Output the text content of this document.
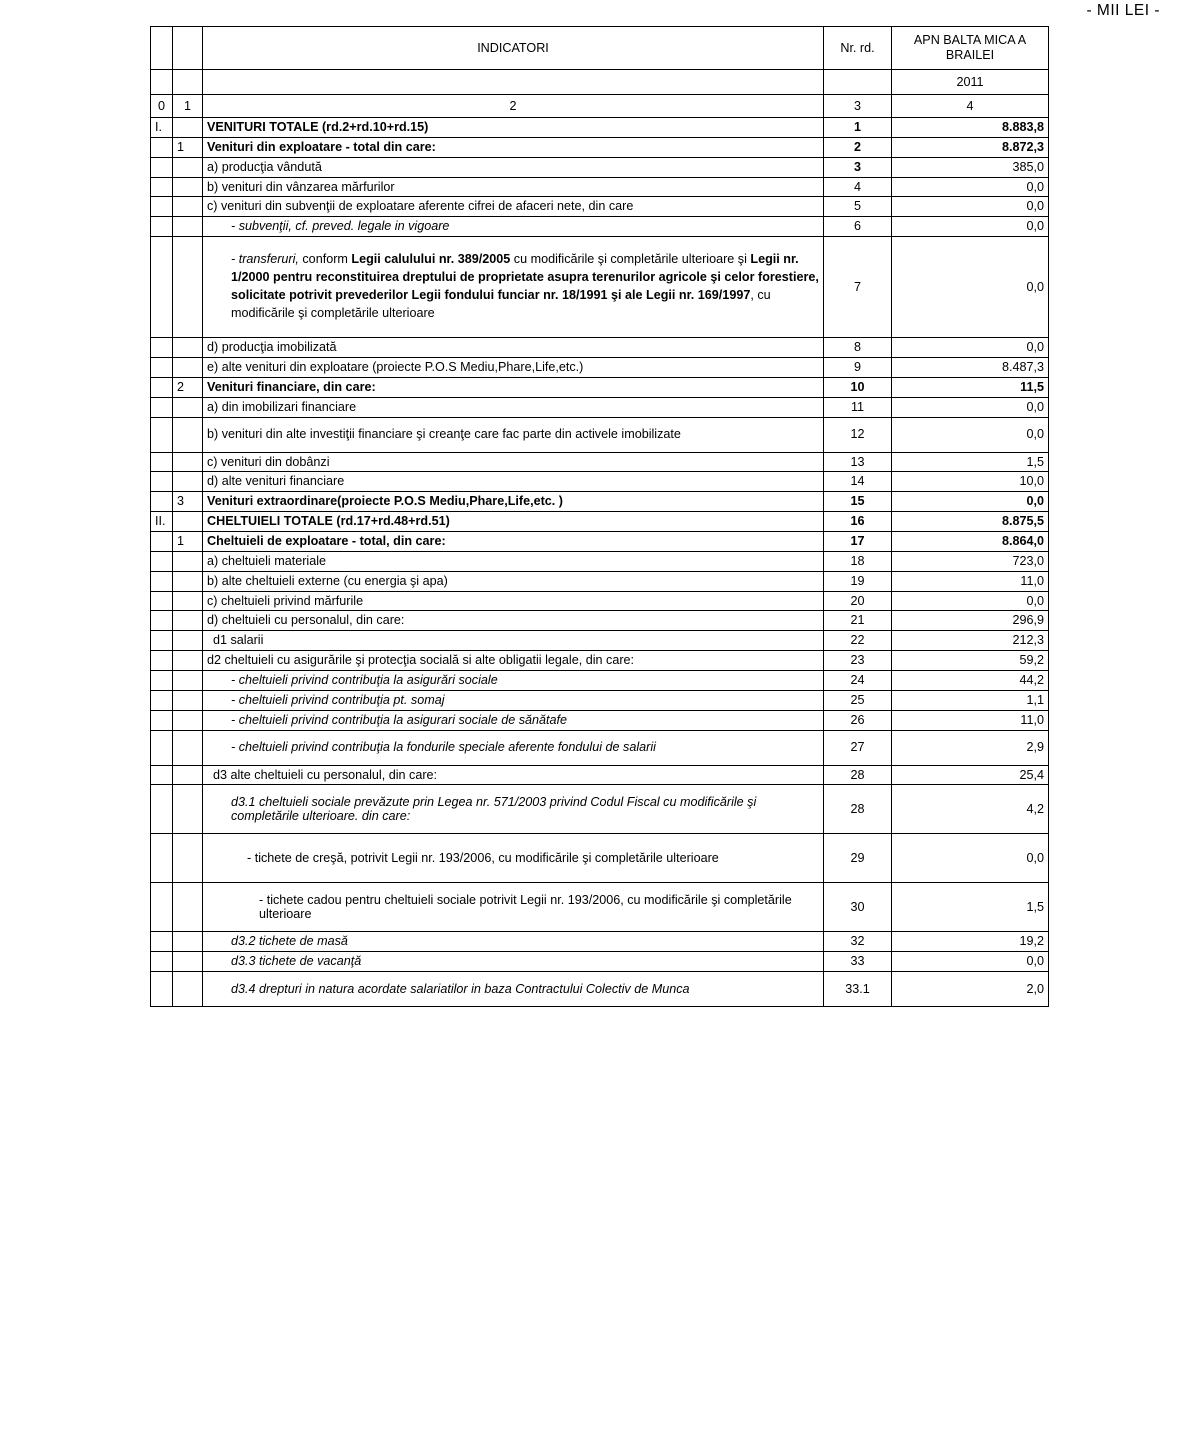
- MII LEI -
		INDICATORI	Nr. rd.	APN BALTA MICA A BRAILEI
				2011
0	1	2	3	4
I.		VENITURI TOTALE (rd.2+rd.10+rd.15)	1	8.883,8
	1	Venituri din exploatare - total din care:	2	8.872,3
		a) producţia vândută	3	385,0
		b) venituri din vânzarea mărfurilor	4	0,0
		c) venituri din subvenţii de exploatare aferente cifrei de afaceri nete, din care	5	0,0
		- subvenţii, cf. preved. legale in vigoare	6	0,0
		- transferuri, conform Legii calulului nr. 389/2005 cu modificările şi completările ulterioare şi Legii nr. 1/2000 pentru reconstituirea dreptului de proprietate asupra terenurilor agricole şi celor forestiere, solicitate potrivit prevederilor Legii fondului funciar nr. 18/1991 şi ale Legii nr. 169/1997, cu modificările şi completările ulterioare	7	0,0
		d) producţia imobilizată	8	0,0
		e) alte venituri din exploatare (proiecte P.O.S Mediu,Phare,Life,etc.)	9	8.487,3
	2	Venituri financiare, din care:	10	11,5
		a) din imobilizari financiare	11	0,0
		b) venituri din alte investiţii financiare şi creanţe care fac parte din activele imobilizate	12	0,0
		c) venituri din dobânzi	13	1,5
		d) alte venituri financiare	14	10,0
	3	Venituri extraordinare(proiecte P.O.S Mediu,Phare,Life,etc. )	15	0,0
II.		CHELTUIELI TOTALE (rd.17+rd.48+rd.51)	16	8.875,5
	1	Cheltuieli de exploatare - total, din care:	17	8.864,0
		a) cheltuieli materiale	18	723,0
		b) alte cheltuieli externe (cu energia şi apa)	19	11,0
		c) cheltuieli privind mărfurile	20	0,0
		d) cheltuieli cu personalul, din care:	21	296,9
		d1 salarii	22	212,3
		d2 cheltuieli cu asigurările şi protecţia socială si alte obligatii legale, din care:	23	59,2
		- cheltuieli privind contribuţia la asigurări sociale	24	44,2
		- cheltuieli privind contribuţia pt. somaj	25	1,1
		- cheltuieli privind contribuţia la asigurari sociale de sănătafe	26	11,0
		- cheltuieli privind contribuţia la fondurile speciale aferente fondului de salarii	27	2,9
		d3 alte cheltuieli cu personalul, din care:	28	25,4
		d3.1 cheltuieli sociale prevăzute prin Legea nr. 571/2003 privind Codul Fiscal cu modificările şi completările ulterioare. din care:	28	4,2
		- tichete de creşă, potrivit Legii nr. 193/2006, cu modificările şi completările ulterioare	29	0,0
		- tichete cadou pentru cheltuieli sociale potrivit Legii nr. 193/2006, cu modificările şi completările ulterioare	30	1,5
		d3.2 tichete de masă	32	19,2
		d3.3 tichete de vacanţă	33	0,0
		d3.4 drepturi in natura acordate salariatilor in baza Contractului Colectiv de Munca	33.1	2,0
